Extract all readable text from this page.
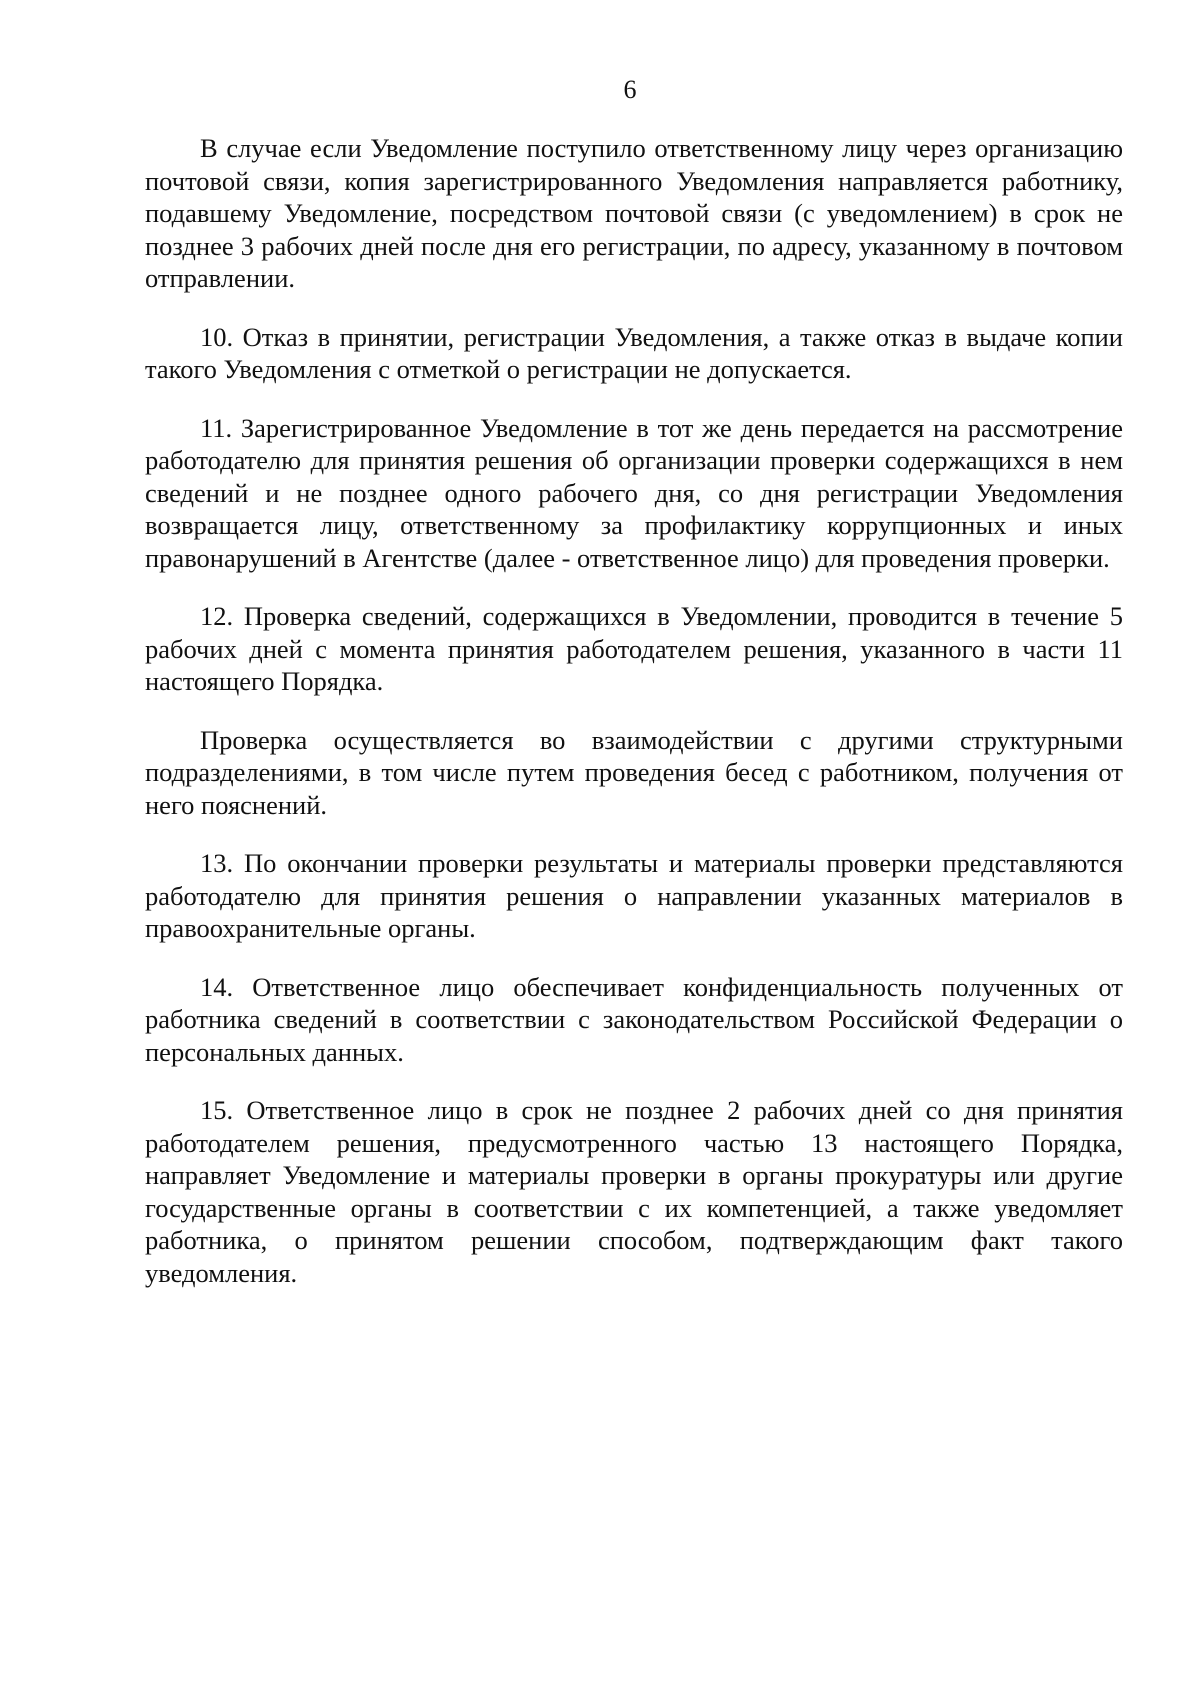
6

В случае если Уведомление поступило ответственному лицу через организацию почтовой связи, копия зарегистрированного Уведомления направляется работнику, подавшему Уведомление, посредством почтовой связи (с уведомлением) в срок не позднее 3 рабочих дней после дня его регистрации, по адресу, указанному в почтовом отправлении.

10. Отказ в принятии, регистрации Уведомления, а также отказ в выдаче копии такого Уведомления с отметкой о регистрации не допускается.

11. Зарегистрированное Уведомление в тот же день передается на рассмотрение работодателю для принятия решения об организации проверки содержащихся в нем сведений и не позднее одного рабочего дня, со дня регистрации Уведомления возвращается лицу, ответственному за профилактику коррупционных и иных правонарушений в Агентстве (далее - ответственное лицо) для проведения проверки.

12. Проверка сведений, содержащихся в Уведомлении, проводится в течение 5 рабочих дней с момента принятия работодателем решения, указанного в части 11 настоящего Порядка.

Проверка осуществляется во взаимодействии с другими структурными подразделениями, в том числе путем проведения бесед с работником, получения от него пояснений.

13. По окончании проверки результаты и материалы проверки представляются работодателю для принятия решения о направлении указанных материалов в правоохранительные органы.

14. Ответственное лицо обеспечивает конфиденциальность полученных от работника сведений в соответствии с законодательством Российской Федерации о персональных данных.

15. Ответственное лицо в срок не позднее 2 рабочих дней со дня принятия работодателем решения, предусмотренного частью 13 настоящего Порядка, направляет Уведомление и материалы проверки в органы прокуратуры или другие государственные органы в соответствии с их компетенцией, а также уведомляет работника, о принятом решении способом, подтверждающим факт такого уведомления.
